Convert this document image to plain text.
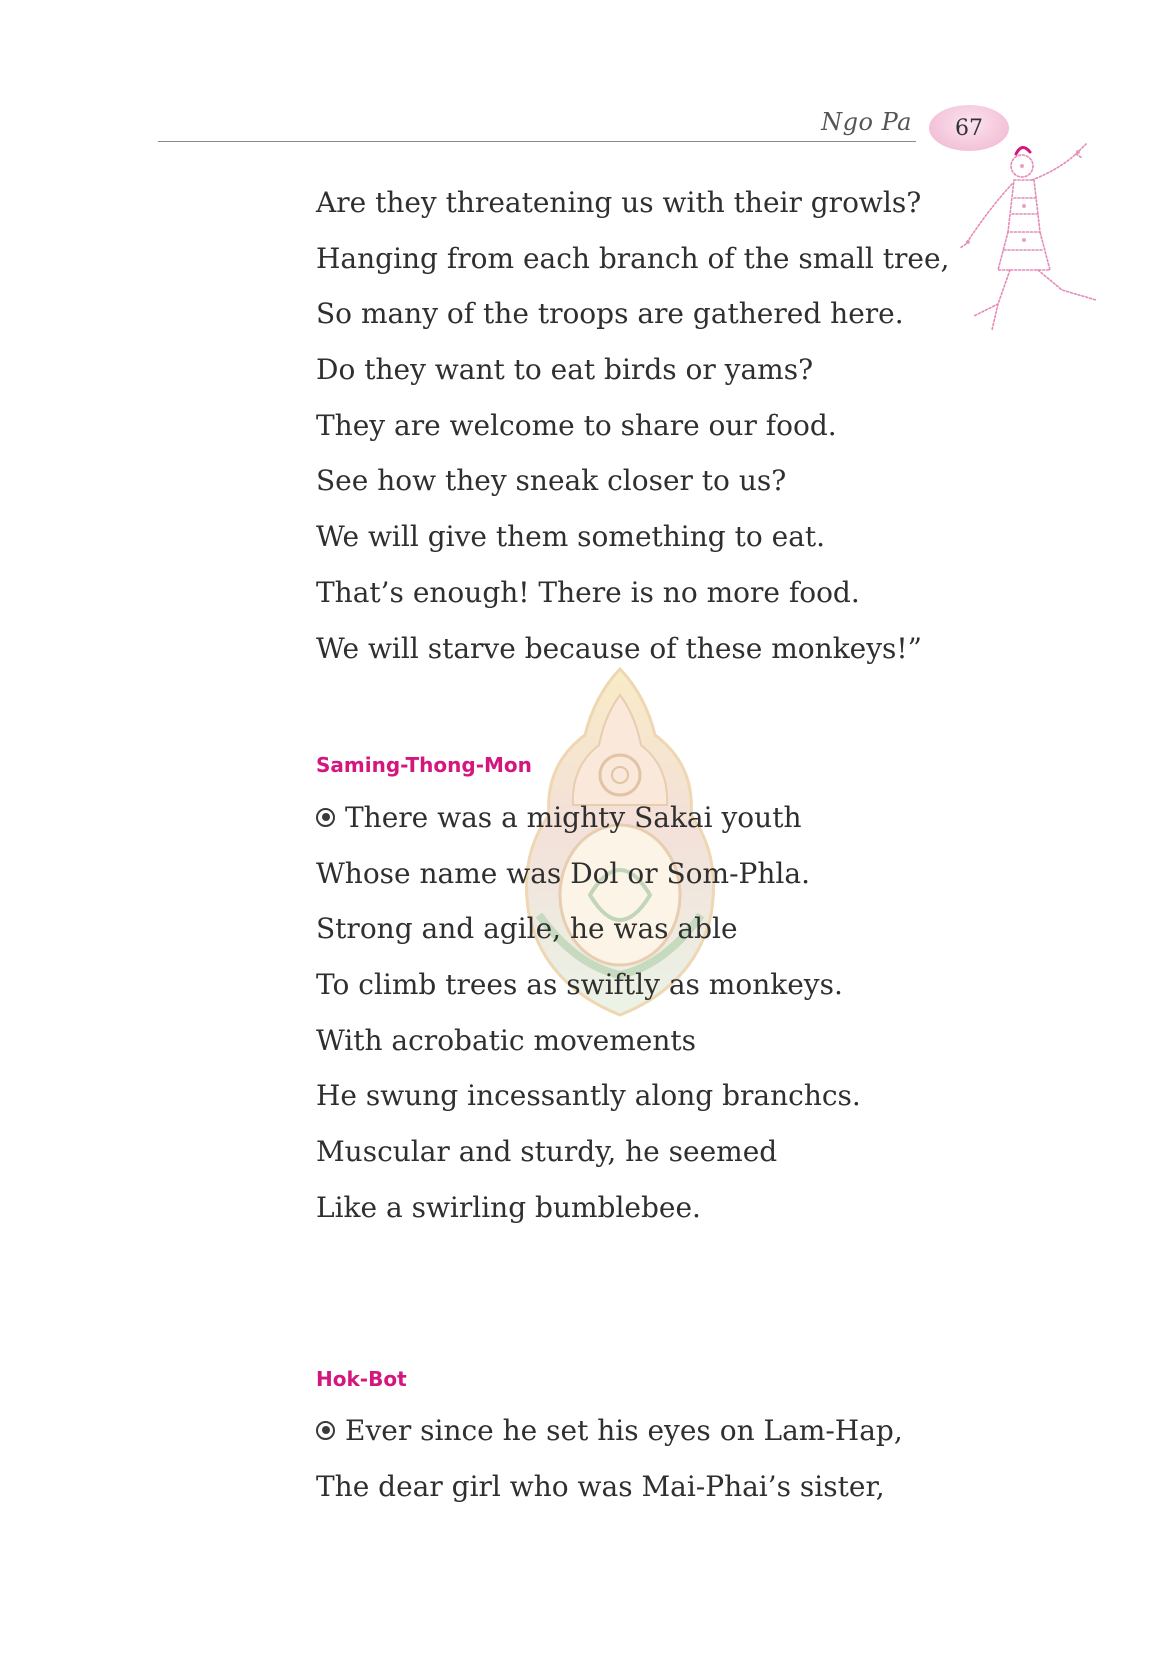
Ngo Pa 67
Are they threatening us with their growls?
Hanging from each branch of the small tree,
So many of the troops are gathered here.
Do they want to eat birds or yams?
They are welcome to share our food.
See how they sneak closer to us?
We will give them something to eat.
That’s enough! There is no more food.
We will starve because of these monkeys!”
Saming-Thong-Mon
There was a mighty Sakai youth
Whose name was Dol or Som-Phla.
Strong and agile, he was able
To climb trees as swiftly as monkeys.
With acrobatic movements
He swung incessantly along branchcs.
Muscular and sturdy, he seemed
Like a swirling bumblebee.
Hok-Bot
Ever since he set his eyes on Lam-Hap,
The dear girl who was Mai-Phai’s sister,
